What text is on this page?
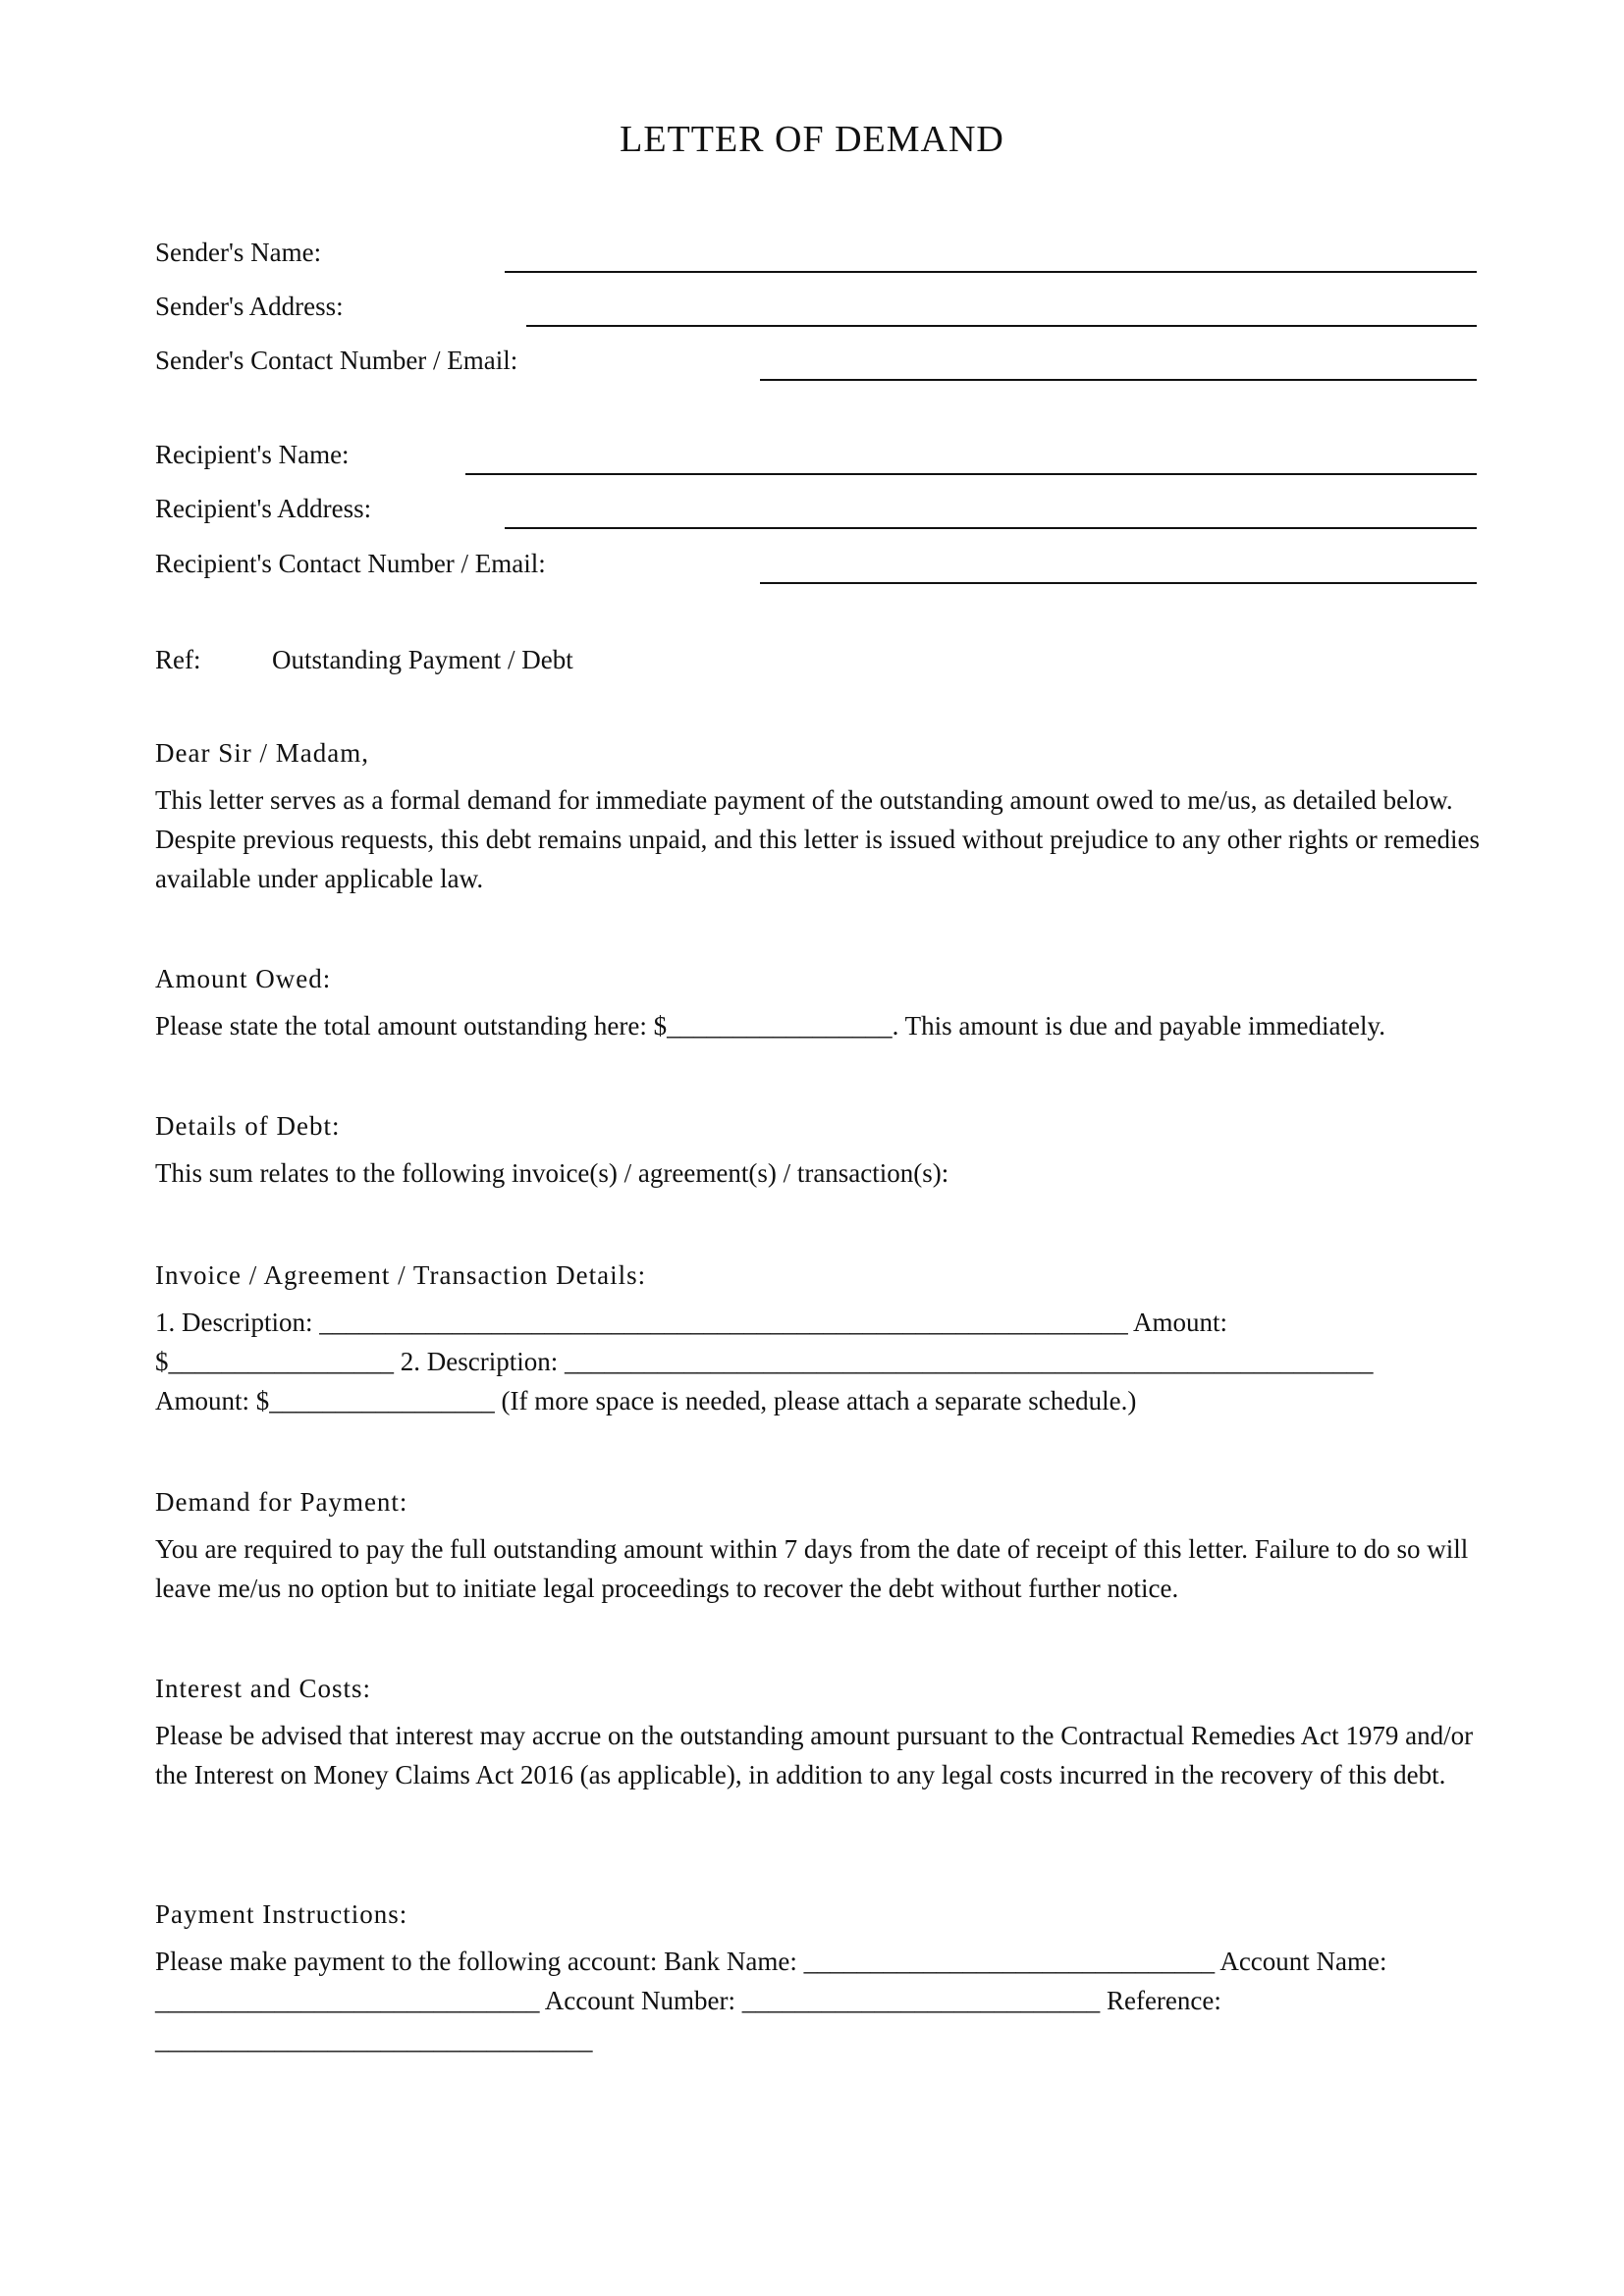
LETTER OF DEMAND
Sender's Name:
Sender's Address:
Sender's Contact Number / Email:
Recipient's Name:
Recipient's Address:
Recipient's Contact Number / Email:
Ref:	Outstanding Payment / Debt

Dear Sir / Madam,

This letter serves as a formal demand for immediate payment of the outstanding amount owed to me/us, as detailed below. Despite previous requests, this debt remains unpaid, and this letter is issued without prejudice to any other rights or remedies available under applicable law.

Amount Owed:

Please state the total amount outstanding here: $_________________. This amount is due and payable immediately.

Details of Debt:

This sum relates to the following invoice(s) / agreement(s) / transaction(s):

Invoice / Agreement / Transaction Details:

1. Description: _____________________________________________________________ Amount: $_________________ 2. Description: _____________________________________________________________ Amount: $_________________ (If more space is needed, please attach a separate schedule.)

Demand for Payment:

You are required to pay the full outstanding amount within 7 days from the date of receipt of this letter. Failure to do so will leave me/us no option but to initiate legal proceedings to recover the debt without further notice.

Interest and Costs:

Please be advised that interest may accrue on the outstanding amount pursuant to the Contractual Remedies Act 1979 and/or the Interest on Money Claims Act 2016 (as applicable), in addition to any legal costs incurred in the recovery of this debt.

Payment Instructions:

Please make payment to the following account: Bank Name: _______________________________ Account Name: _____________________________ Account Number: ___________________________ Reference: _________________________________
